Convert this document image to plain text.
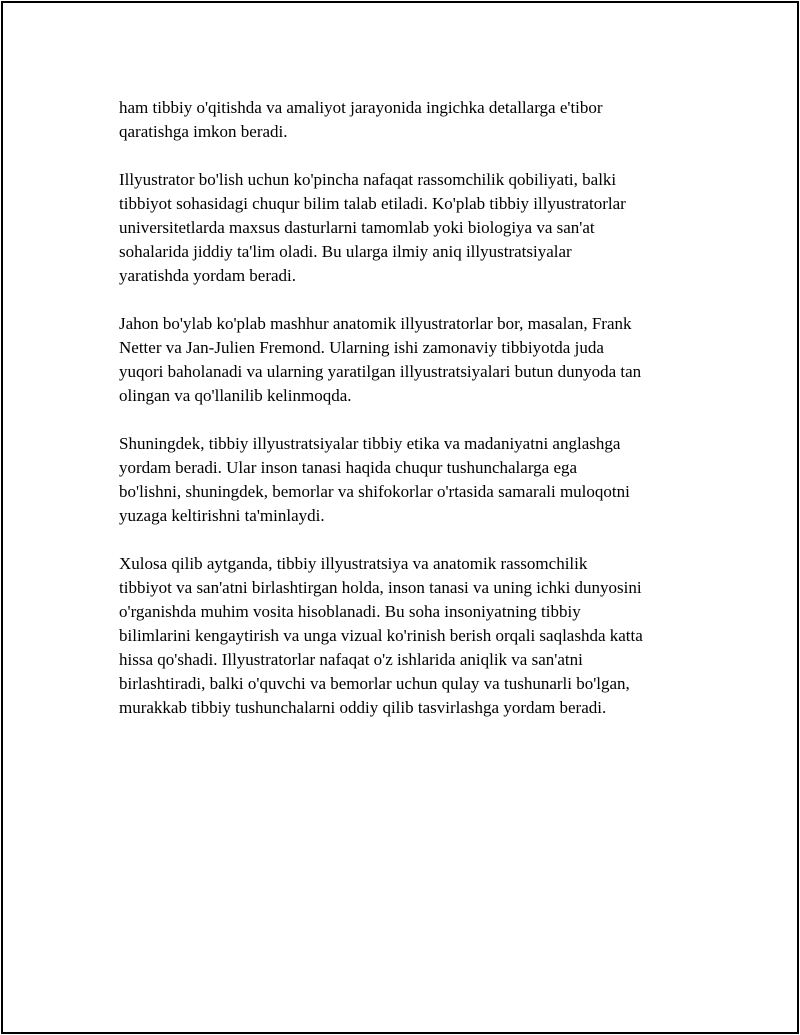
ham tibbiy o'qitishda va amaliyot jarayonida ingichka detallarga e'tibor
qaratishga imkon beradi.

Illyustrator bo'lish uchun ko'pincha nafaqat rassomchilik qobiliyati, balki
tibbiyot sohasidagi chuqur bilim talab etiladi. Ko'plab tibbiy illyustratorlar
universitetlarda maxsus dasturlarni tamomlab yoki biologiya va san'at
sohalarida jiddiy ta'lim oladi. Bu ularga ilmiy aniq illyustratsiyalar
yaratishda yordam beradi.

Jahon bo'ylab ko'plab mashhur anatomik illyustratorlar bor, masalan, Frank
Netter va Jan-Julien Fremond. Ularning ishi zamonaviy tibbiyotda juda
yuqori baholanadi va ularning yaratilgan illyustratsiyalari butun dunyoda tan
olingan va qo'llanilib kelinmoqda.

Shuningdek, tibbiy illyustratsiyalar tibbiy etika va madaniyatni anglashga
yordam beradi. Ular inson tanasi haqida chuqur tushunchalarga ega
bo'lishni, shuningdek, bemorlar va shifokorlar o'rtasida samarali muloqotni
yuzaga keltirishni ta'minlaydi.

Xulosa qilib aytganda, tibbiy illyustratsiya va anatomik rassomchilik
tibbiyot va san'atni birlashtirgan holda, inson tanasi va uning ichki dunyosini
o'rganishda muhim vosita hisoblanadi. Bu soha insoniyatning tibbiy
bilimlarini kengaytirish va unga vizual ko'rinish berish orqali saqlashda katta
hissa qo'shadi. Illyustratorlar nafaqat o'z ishlarida aniqlik va san'atni
birlashtiradi, balki o'quvchi va bemorlar uchun qulay va tushunarli bo'lgan,
murakkab tibbiy tushunchalarni oddiy qilib tasvirlashga yordam beradi.
